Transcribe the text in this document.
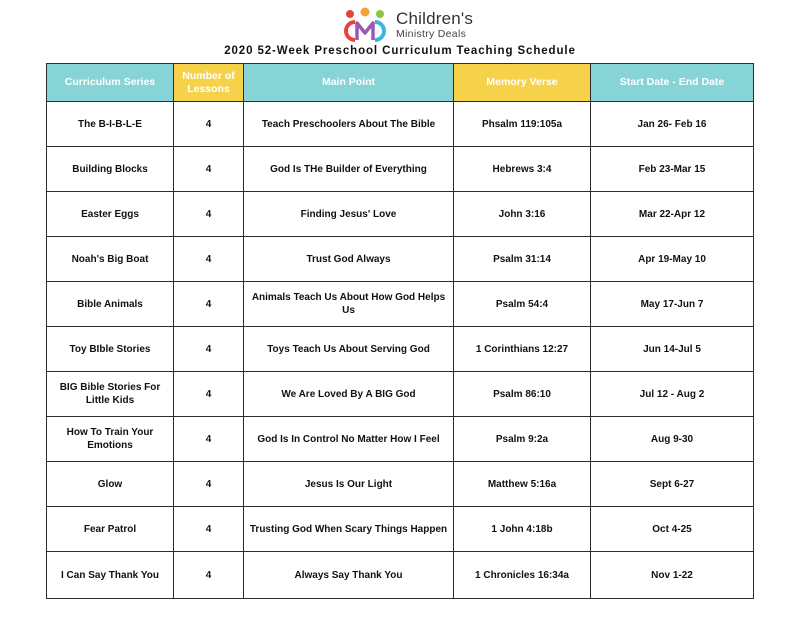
Children's
Ministry Deals
2020 52-Week Preschool Curriculum Teaching Schedule
Curriculum Series	Number of Lessons	Main Point	Memory Verse	Start Date - End Date
The B-I-B-L-E	4	Teach Preschoolers About The Bible	Phsalm 119:105a	Jan 26- Feb 16
Building Blocks	4	God Is THe Builder of Everything	Hebrews 3:4	Feb 23-Mar 15
Easter Eggs	4	Finding Jesus' Love	John 3:16	Mar 22-Apr 12
Noah's Big Boat	4	Trust God Always	Psalm 31:14	Apr 19-May 10
Bible Animals	4	Animals Teach Us About How God Helps Us	Psalm 54:4	May 17-Jun 7
Toy BIble Stories	4	Toys Teach Us About Serving God	1 Corinthians 12:27	Jun 14-Jul 5
BIG Bible Stories For Little Kids	4	We Are Loved By A BIG God	Psalm 86:10	Jul 12 - Aug 2
How To Train Your Emotions	4	God Is In Control No Matter How I Feel	Psalm 9:2a	Aug 9-30
Glow	4	Jesus Is Our Light	Matthew 5:16a	Sept 6-27
Fear Patrol	4	Trusting God When Scary Things Happen	1 John 4:18b	Oct 4-25
I Can Say Thank You	4	Always Say Thank You	1 Chronicles 16:34a	Nov 1-22
